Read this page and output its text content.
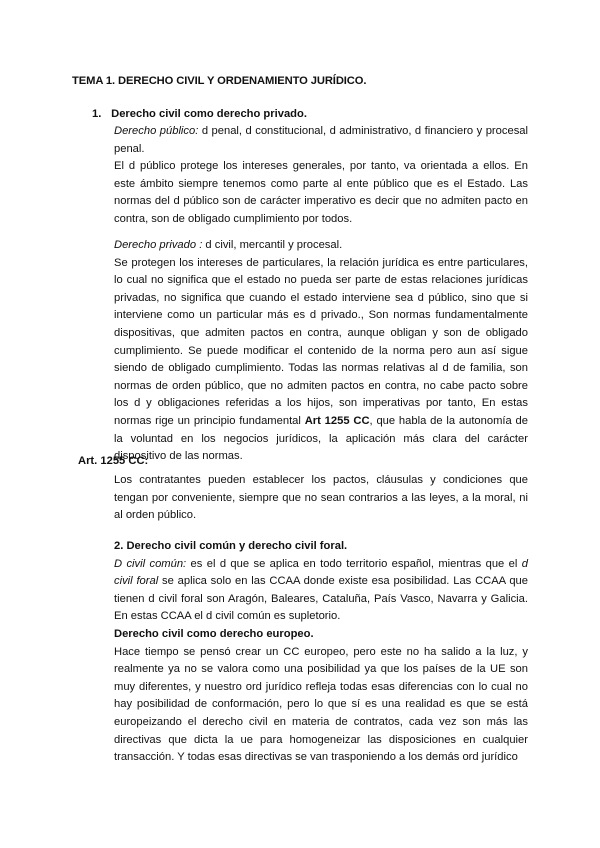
TEMA 1. DERECHO CIVIL Y ORDENAMIENTO JURÍDICO.
1. Derecho civil como derecho privado.

Derecho público: d penal, d constitucional, d administrativo, d financiero y procesal penal.

El d público protege los intereses generales, por tanto, va orientada a ellos. En este ámbito siempre tenemos como parte al ente público que es el Estado. Las normas del d público son de carácter imperativo es decir que no admiten pacto en contra, son de obligado cumplimiento por todos.

Derecho privado : d civil, mercantil y procesal.

Se protegen los intereses de particulares, la relación jurídica es entre particulares, lo cual no significa que el estado no pueda ser parte de estas relaciones jurídicas privadas, no significa que cuando el estado interviene sea d público, sino que si interviene como un particular más es d privado., Son normas fundamentalmente dispositivas, que admiten pactos en contra, aunque obligan y son de obligado cumplimiento. Se puede modificar el contenido de la norma pero aun así sigue siendo de obligado cumplimiento. Todas las normas relativas al d de familia, son normas de orden público, que no admiten pactos en contra, no cabe pacto sobre los d y obligaciones referidas a los hijos, son imperativas por tanto, En estas normas rige un principio fundamental Art 1255 CC, que habla de la autonomía de la voluntad en los negocios jurídicos, la aplicación más clara del carácter dispositivo de las normas.

Art. 1255 CC:

Los contratantes pueden establecer los pactos, cláusulas y condiciones que tengan por conveniente, siempre que no sean contrarios a las leyes, a la moral, ni al orden público.

2. Derecho civil común y derecho civil foral.

D civil común: es el d que se aplica en todo territorio español, mientras que el d civil foral se aplica solo en las CCAA donde existe esa posibilidad. Las CCAA que tienen d civil foral son Aragón, Baleares, Cataluña, País Vasco, Navarra y Galicia. En estas CCAA el d civil común es supletorio.

Derecho civil como derecho europeo.

Hace tiempo se pensó crear un CC europeo, pero este no ha salido a la luz, y realmente ya no se valora como una posibilidad ya que los países de la UE son muy diferentes, y nuestro ord jurídico refleja todas esas diferencias con lo cual no hay posibilidad de conformación, pero lo que sí es una realidad es que se está europeizando el derecho civil en materia de contratos, cada vez son más las directivas que dicta la ue para homogeneizar las disposiciones en cualquier transacción. Y todas esas directivas se van trasponiendo a los demás ord jurídico
